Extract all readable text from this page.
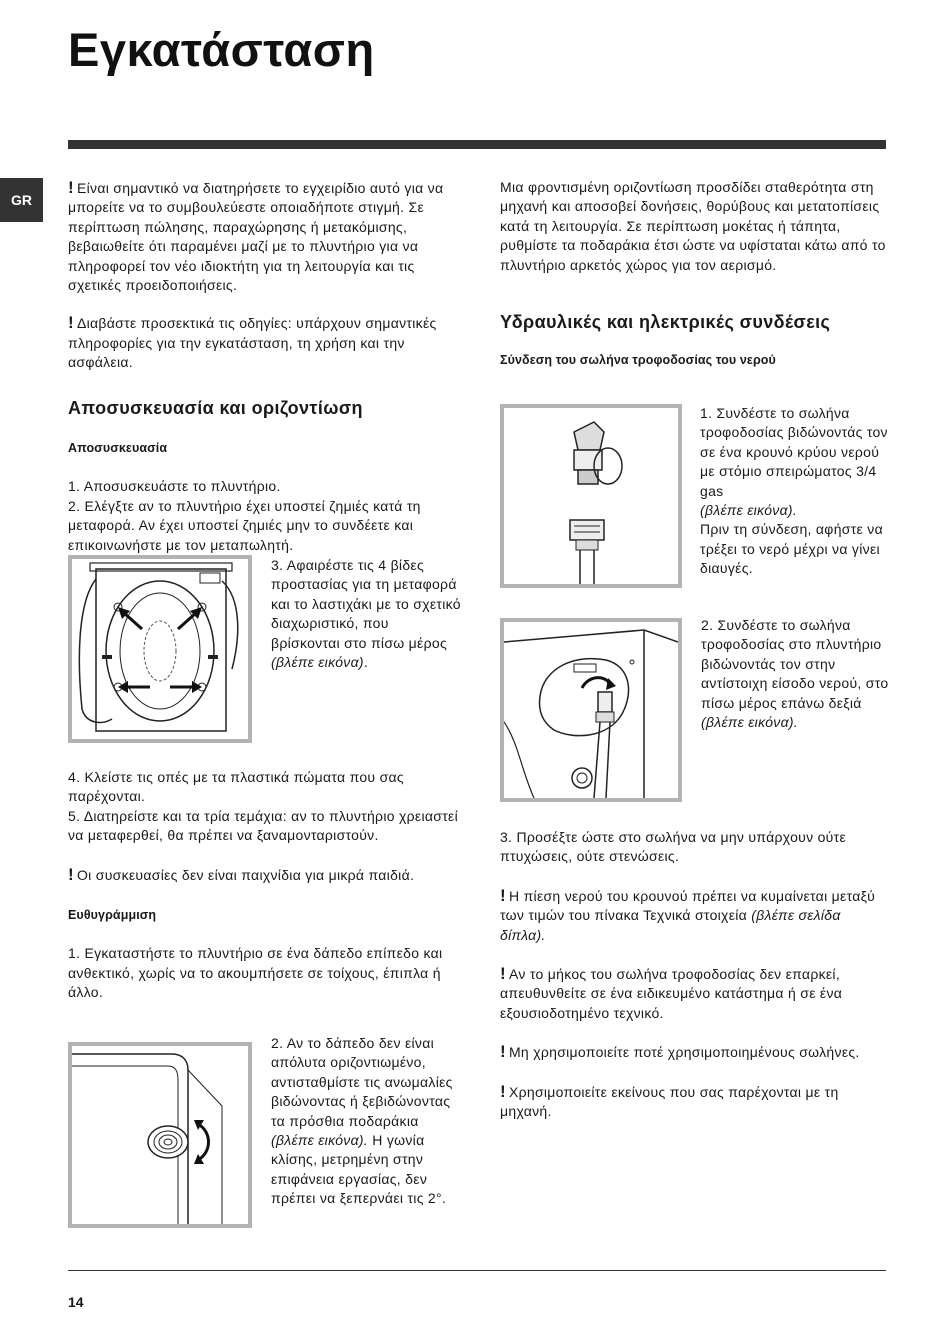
Εγκατάσταση
GR

! Είναι σημαντικό να διατηρήσετε το εγχειρίδιο αυτό για να μπορείτε να το συμβουλεύεστε οποιαδήποτε στιγμή. Σε περίπτωση πώλησης, παραχώρησης ή μετακόμισης, βεβαιωθείτε ότι παραμένει μαζί με το πλυντήριο για να πληροφορεί τον νέο ιδιοκτήτη για τη λειτουργία και τις σχετικές προειδοποιήσεις.

! Διαβάστε προσεκτικά τις οδηγίες: υπάρχουν σημαντικές πληροφορίες για την εγκατάσταση, τη χρήση και την ασφάλεια.

Αποσυσκευασία και οριζοντίωση
Αποσυσκευασία

1. Αποσυσκευάστε το πλυντήριο.

2. Ελέγξτε αν το πλυντήριο έχει υποστεί ζημιές κατά τη μεταφορά. Αν έχει υποστεί ζημιές μην το συνδέετε και επικοινωνήστε με τον μεταπωλητή.

3. Αφαιρέστε τις 4 βίδες προστασίας για τη μεταφορά και το λαστιχάκι με το σχετικό διαχωριστικό, που βρίσκονται στο πίσω μέρος (βλέπε εικόνα).

4. Κλείστε τις οπές με τα πλαστικά πώματα που σας παρέχονται.

5. Διατηρείστε και τα τρία τεμάχια: αν το πλυντήριο χρειαστεί να μεταφερθεί, θα πρέπει να ξαναμονταριστούν.

! Οι συσκευασίες δεν είναι παιχνίδια για μικρά παιδιά.

Ευθυγράμμιση

1. Εγκαταστήστε το πλυντήριο σε ένα δάπεδο επίπεδο και ανθεκτικό, χωρίς να το ακουμπήσετε σε τοίχους, έπιπλα ή άλλο.

2. Αν το δάπεδο δεν είναι απόλυτα οριζοντιωμένο, αντισταθμίστε τις ανωμαλίες βιδώνοντας ή ξεβιδώνοντας τα πρόσθια ποδαράκια (βλέπε εικόνα). Η γωνία κλίσης, μετρημένη στην επιφάνεια εργασίας, δεν πρέπει να ξεπερνάει τις 2°.

Μια φροντισμένη οριζοντίωση προσδίδει σταθερότητα στη μηχανή και αποσοβεί δονήσεις, θορύβους και μετατοπίσεις κατά τη λειτουργία. Σε περίπτωση μοκέτας ή τάπητα, ρυθμίστε τα ποδαράκια έτσι ώστε να υφίσταται κάτω από το πλυντήριο αρκετός χώρος για τον αερισμό.

Υδραυλικές και ηλεκτρικές συνδέσεις
Σύνδεση του σωλήνα τροφοδοσίας του νερού
1. Συνδέστε το σωλήνα τροφοδοσίας βιδώνοντάς τον σε ένα κρουνό κρύου νερού με στόμιο σπειρώματος 3/4 gas
(βλέπε εικόνα).
Πριν τη σύνδεση, αφήστε να τρέξει το νερό μέχρι να γίνει διαυγές.
2. Συνδέστε το σωλήνα τροφοδοσίας στο πλυντήριο βιδώνοντάς τον στην αντίστοιχη είσοδο νερού, στο πίσω μέρος επάνω δεξιά (βλέπε εικόνα).

3. Προσέξτε ώστε στο σωλήνα να μην υπάρχουν ούτε πτυχώσεις, ούτε στενώσεις.

! Η πίεση νερού του κρουνού πρέπει να κυμαίνεται μεταξύ των τιμών του πίνακα Τεχνικά στοιχεία (βλέπε σελίδα δίπλα).

! Αν το μήκος του σωλήνα τροφοδοσίας δεν επαρκεί, απευθυνθείτε σε ένα ειδικευμένο κατάστημα ή σε ένα εξουσιοδοτημένο τεχνικό.

! Μη χρησιμοποιείτε ποτέ χρησιμοποιημένους σωλήνες.

! Χρησιμοποιείτε εκείνους που σας παρέχονται με τη μηχανή.

14
